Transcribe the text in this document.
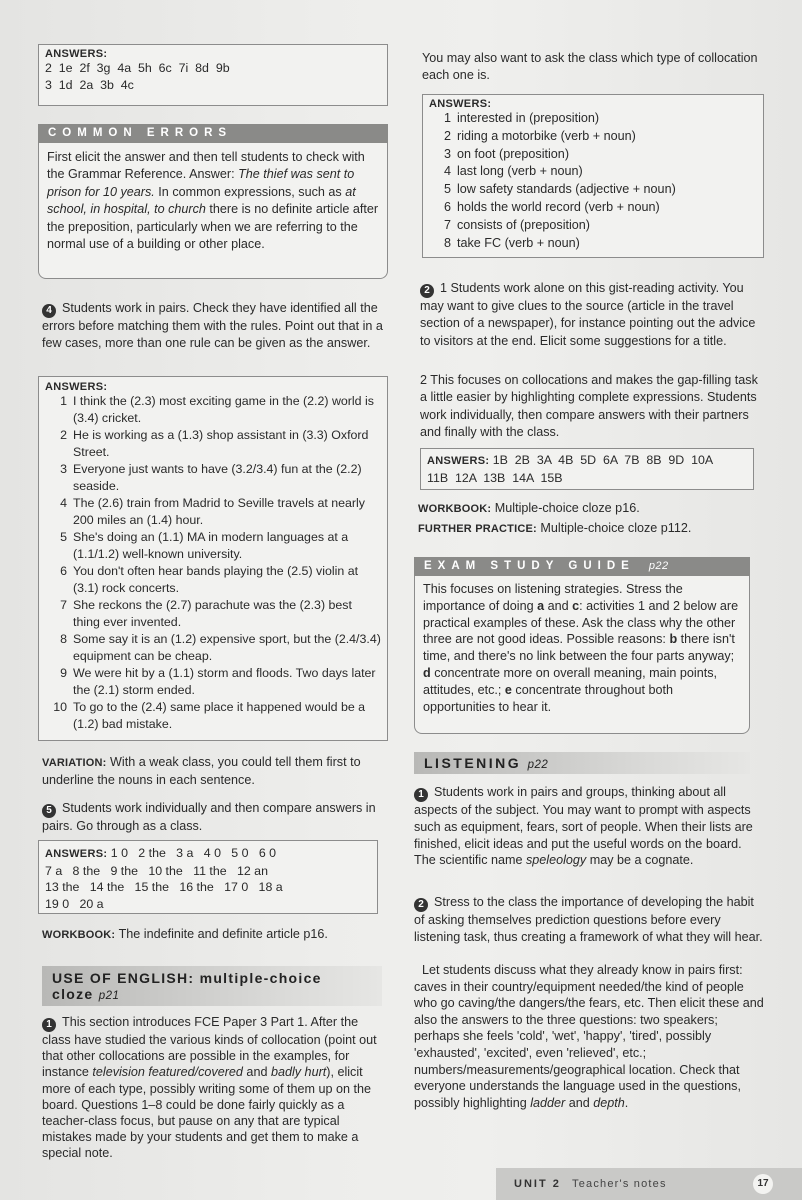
ANSWERS:
2  1e  2f  3g  4a  5h  6c  7i  8d  9b
3  1d  2a  3b  4c
COMMON ERRORS

First elicit the answer and then tell students to check with the Grammar Reference. Answer: The thief was sent to prison for 10 years. In common expressions, such as at school, in hospital, to church there is no definite article after the preposition, particularly when we are referring to the normal use of a building or other place.

4 Students work in pairs. Check they have identified all the errors before matching them with the rules. Point out that in a few cases, more than one rule can be given as the answer.

ANSWERS:
1 I think the (2.3) most exciting game in the (2.2) world is (3.4) cricket.
2 He is working as a (1.3) shop assistant in (3.3) Oxford Street.
3 Everyone just wants to have (3.2/3.4) fun at the (2.2) seaside.
4 The (2.6) train from Madrid to Seville travels at nearly 200 miles an (1.4) hour.
5 She's doing an (1.1) MA in modern languages at a (1.1/1.2) well-known university.
6 You don't often hear bands playing the (2.5) violin at (3.1) rock concerts.
7 She reckons the (2.7) parachute was the (2.3) best thing ever invented.
8 Some say it is an (1.2) expensive sport, but the (2.4/3.4) equipment can be cheap.
9 We were hit by a (1.1) storm and floods. Two days later the (2.1) storm ended.
10 To go to the (2.4) same place it happened would be a (1.2) bad mistake.

VARIATION: With a weak class, you could tell them first to underline the nouns in each sentence.

5 Students work individually and then compare answers in pairs. Go through as a class.

ANSWERS: 1 0   2 the   3 a   4 0   5 0   6 0
7 a   8 the   9 the   10 the   11 the   12 an
13 the   14 the   15 the   16 the   17 0   18 a
19 0   20 a

WORKBOOK: The indefinite and definite article p16.

USE OF ENGLISH: multiple-choice
cloze p21

1 This section introduces FCE Paper 3 Part 1. After the class have studied the various kinds of collocation (point out that other collocations are possible in the examples, for instance television featured/covered and badly hurt), elicit more of each type, possibly writing some of them up on the board. Questions 1–8 could be done fairly quickly as a teacher-class focus, but pause on any that are typical mistakes made by your students and get them to make a special note.

You may also want to ask the class which type of collocation each one is.

ANSWERS:
1 interested in (preposition)
2 riding a motorbike (verb + noun)
3 on foot (preposition)
4 last long (verb + noun)
5 low safety standards (adjective + noun)
6 holds the world record (verb + noun)
7 consists of (preposition)
8 take FC (verb + noun)

2 1 Students work alone on this gist-reading activity. You may want to give clues to the source (article in the travel section of a newspaper), for instance pointing out the advice to visitors at the end. Elicit some suggestions for a title.

2 This focuses on collocations and makes the gap-filling task a little easier by highlighting complete expressions. Students work individually, then compare answers with their partners and finally with the class.

ANSWERS: 1B  2B  3A  4B  5D  6A  7B  8B  9D  10A
11B  12A  13B  14A  15B

WORKBOOK: Multiple-choice cloze p16.

FURTHER PRACTICE: Multiple-choice cloze p112.

EXAM STUDY GUIDE p22

This focuses on listening strategies. Stress the importance of doing a and c: activities 1 and 2 below are practical examples of these. Ask the class why the other three are not good ideas. Possible reasons: b there isn't time, and there's no link between the four parts anyway; d concentrate more on overall meaning, main points, attitudes, etc.; e concentrate throughout both opportunities to hear it.

LISTENING p22

1 Students work in pairs and groups, thinking about all aspects of the subject. You may want to prompt with aspects such as equipment, fears, sort of people. When their lists are finished, elicit ideas and put the useful words on the board. The scientific name speleology may be a cognate.

2 Stress to the class the importance of developing the habit of asking themselves prediction questions before every listening task, thus creating a framework of what they will hear.

Let students discuss what they already know in pairs first: caves in their country/equipment needed/the kind of people who go caving/the dangers/the fears, etc. Then elicit these and also the answers to the three questions: two speakers; perhaps she feels 'cold', 'wet', 'happy', 'tired', possibly 'exhausted', 'excited', even 'relieved', etc.; numbers/measurements/geographical location. Check that everyone understands the language used in the questions, possibly highlighting ladder and depth.

UNIT 2 Teacher's notes	17
